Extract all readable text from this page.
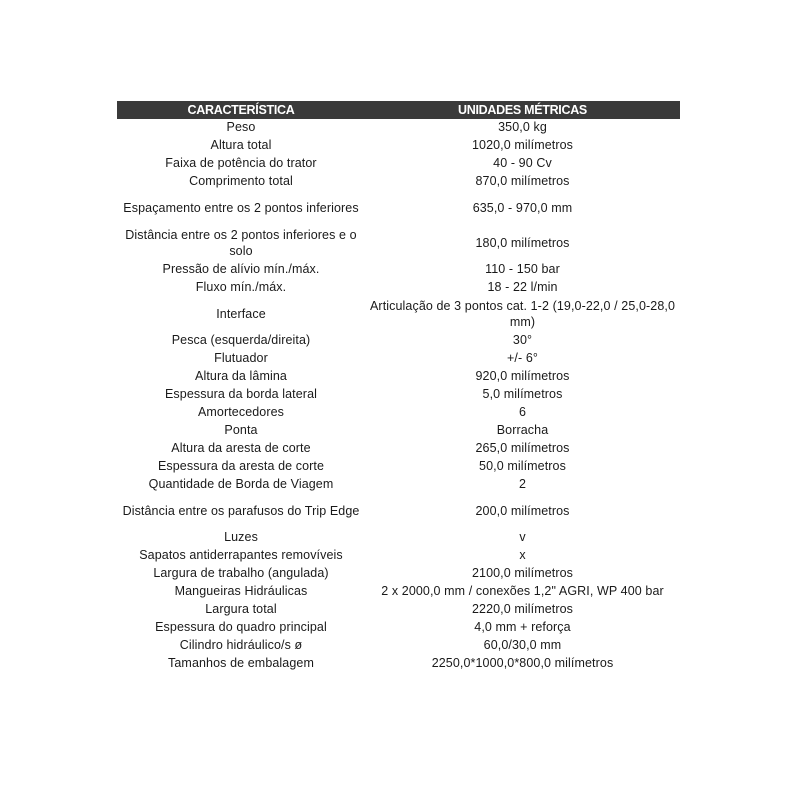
CARACTERÍSTICA	UNIDADES MÉTRICAS
Peso	350,0 kg
Altura total	1020,0 milímetros
Faixa de potência do trator	40 - 90 Cv
Comprimento total	870,0 milímetros
Espaçamento entre os 2 pontos inferiores	635,0 - 970,0 mm
Distância entre os 2 pontos inferiores e o solo	180,0 milímetros
Pressão de alívio mín./máx.	110 - 150 bar
Fluxo mín./máx.	18 - 22 l/min
Interface	Articulação de 3 pontos cat. 1-2 (19,0-22,0 / 25,0-28,0 mm)
Pesca (esquerda/direita)	30°
Flutuador	+/- 6°
Altura da lâmina	920,0 milímetros
Espessura da borda lateral	5,0 milímetros
Amortecedores	6
Ponta	Borracha
Altura da aresta de corte	265,0 milímetros
Espessura da aresta de corte	50,0 milímetros
Quantidade de Borda de Viagem	2
Distância entre os parafusos do Trip Edge	200,0 milímetros
Luzes	v
Sapatos antiderrapantes removíveis	x
Largura de trabalho (angulada)	2100,0 milímetros
Mangueiras Hidráulicas	2 x 2000,0 mm / conexões 1,2" AGRI, WP 400 bar
Largura total	2220,0 milímetros
Espessura do quadro principal	4,0 mm + reforça
Cilindro hidráulico/s ø	60,0/30,0 mm
Tamanhos de embalagem	2250,0*1000,0*800,0 milímetros
